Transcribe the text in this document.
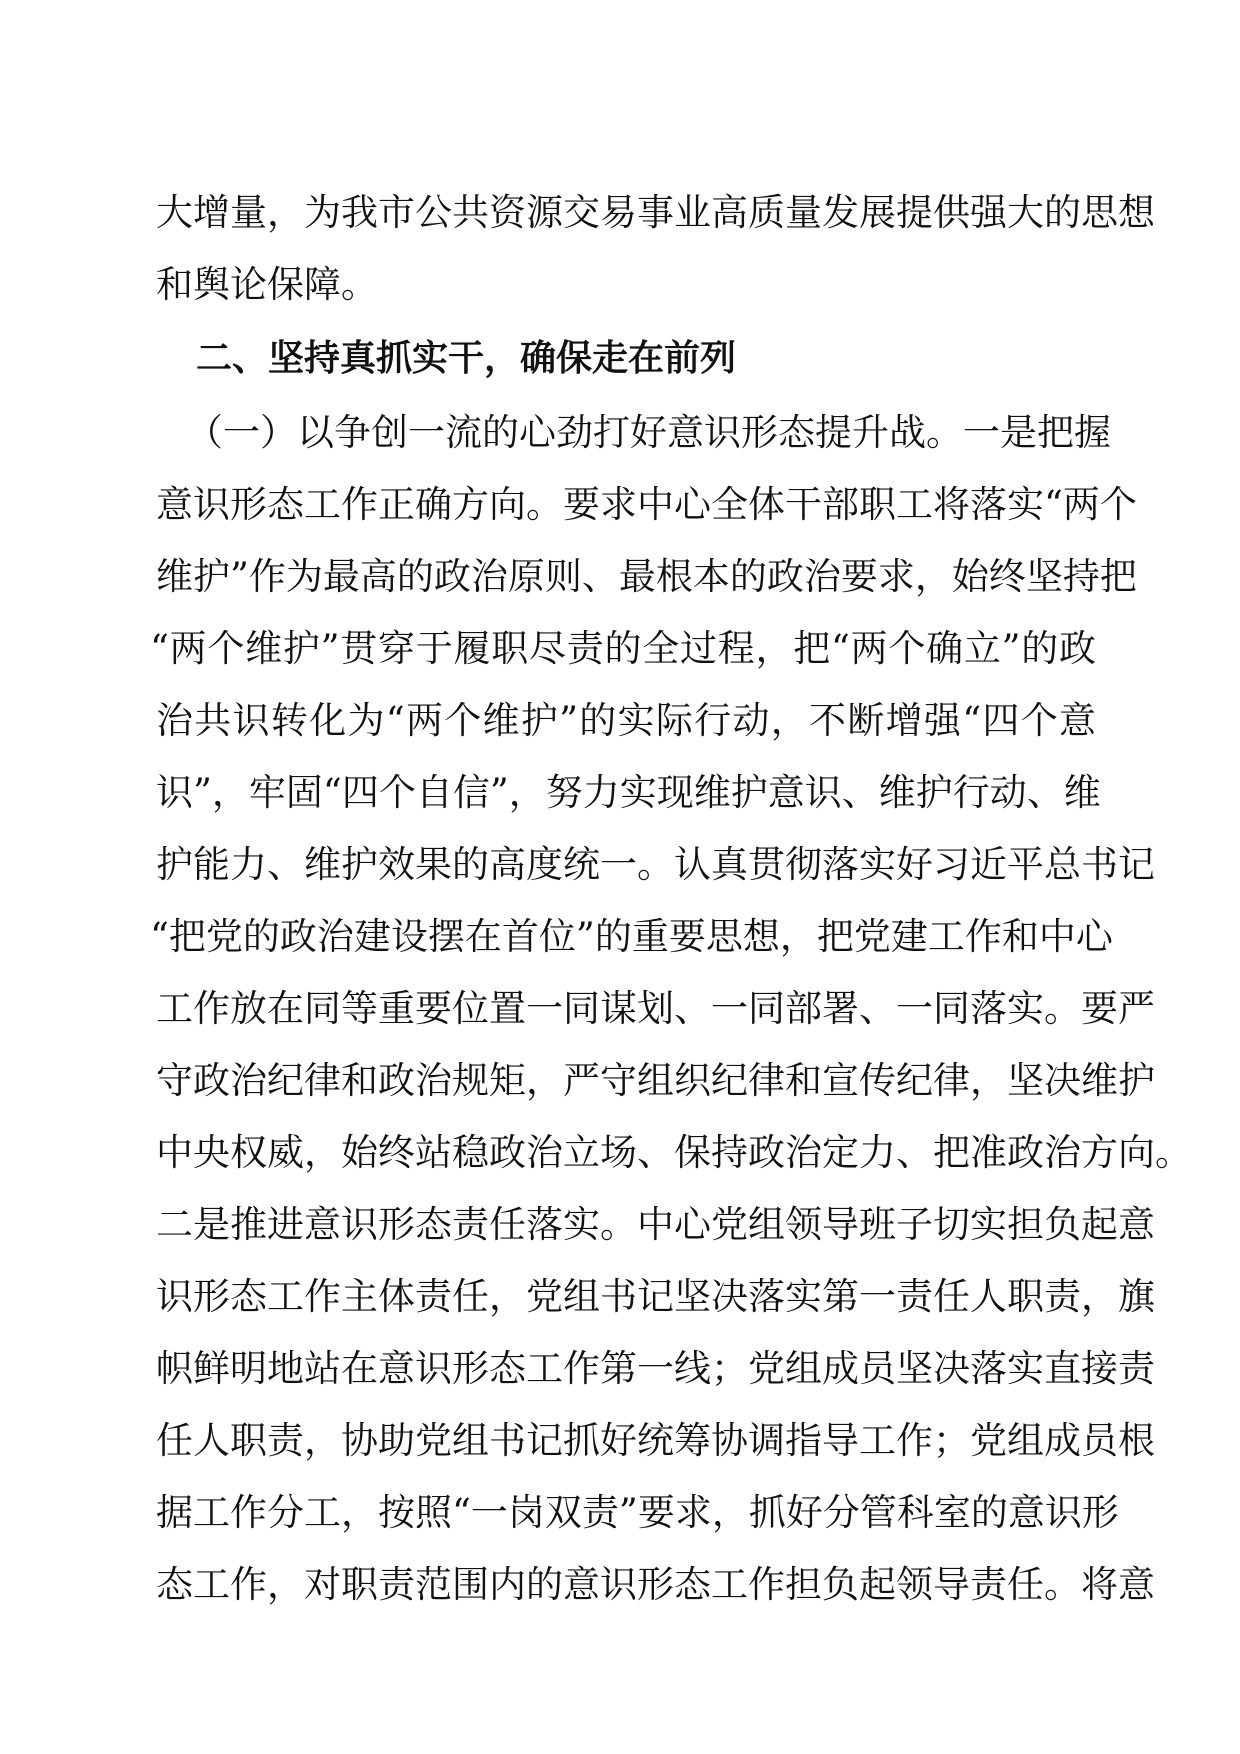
大增量，为我市公共资源交易事业高质量发展提供强大的思想
和舆论保障。
二、坚持真抓实干，确保走在前列
（一）以争创一流的心劲打好意识形态提升战。一是把握
意识形态工作正确方向。要求中心全体干部职工将落实“两个
维护”作为最高的政治原则、最根本的政治要求，始终坚持把
“两个维护”贯穿于履职尽责的全过程，把“两个确立”的政
治共识转化为“两个维护”的实际行动，不断增强“四个意
识”，牢固“四个自信”，努力实现维护意识、维护行动、维
护能力、维护效果的高度统一。认真贯彻落实好习近平总书记
“把党的政治建设摆在首位”的重要思想，把党建工作和中心
工作放在同等重要位置一同谋划、一同部署、一同落实。要严
守政治纪律和政治规矩，严守组织纪律和宣传纪律，坚决维护
中央权威，始终站稳政治立场、保持政治定力、把准政治方向。
二是推进意识形态责任落实。中心党组领导班子切实担负起意
识形态工作主体责任，党组书记坚决落实第一责任人职责，旗
帜鲜明地站在意识形态工作第一线；党组成员坚决落实直接责
任人职责，协助党组书记抓好统筹协调指导工作；党组成员根
据工作分工，按照“一岗双责”要求，抓好分管科室的意识形
态工作，对职责范围内的意识形态工作担负起领导责任。将意
